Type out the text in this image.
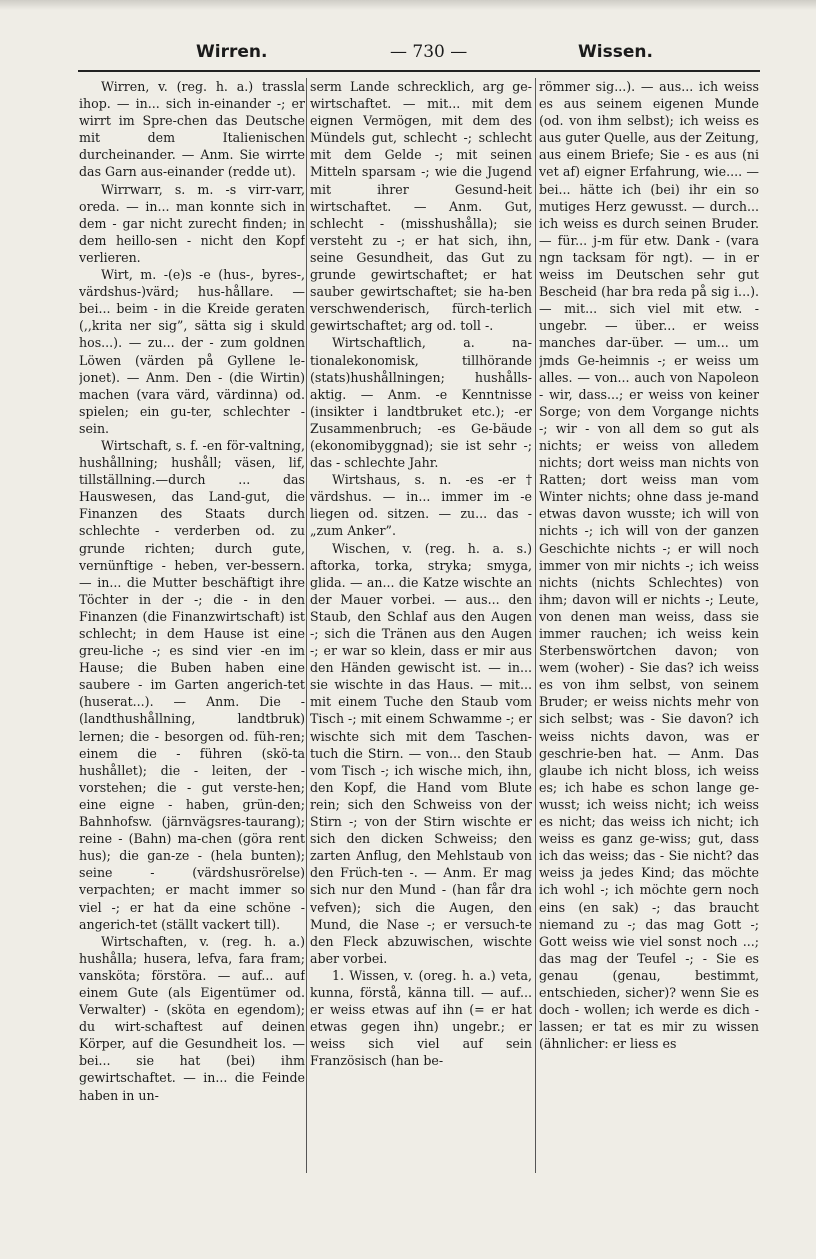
Wirren.	— 730 —	Wissen.

Wirren, v. (reg. h. a.) trassla ihop. — in... sich in-einander -; er wirrt im Spre-chen das Deutsche mit dem Italienischen durcheinander. — Anm. Sie wirrte das Garn aus-einander (redde ut).

Wirrwarr, s. m. -s virr-varr, oreda. — in... man konnte sich in dem - gar nicht zurecht finden; in dem heillo-sen - nicht den Kopf verlieren.

Wirt, m. -(e)s -e (hus-, byres-, värdshus-)värd; hus-hållare. — bei... beim - in die Kreide geraten (,,krita ner sig”, sätta sig i skuld hos...). — zu... der - zum goldnen Löwen (värden på Gyllene le-jonet). — Anm. Den - (die Wirtin) machen (vara värd, värdinna) od. spielen; ein gu-ter, schlechter - sein.

Wirtschaft, s. f. -en för-valtning, hushållning; hushåll; väsen, lif, tillställning.—durch ... das Hauswesen, das Land-gut, die Finanzen des Staats durch schlechte - verderben od. zu grunde richten; durch gute, vernünftige - heben, ver-bessern. — in... die Mutter beschäftigt ihre Töchter in der -; die - in den Finanzen (die Finanzwirtschaft) ist schlecht; in dem Hause ist eine greu-liche -; es sind vier -en im Hause; die Buben haben eine saubere - im Garten angerich-tet (huserat...). — Anm. Die - (landthushållning, landtbruk) lernen; die - besorgen od. füh-ren; einem die - führen (skö-ta hushållet); die - leiten, der - vorstehen; die - gut verste-hen; eine eigne - haben, grün-den; Bahnhofsw. (järnvägsres-taurang); reine - (Bahn) ma-chen (göra rent hus); die gan-ze - (hela bunten); seine - (värdshusrörelse) verpachten; er macht immer so viel -; er hat da eine schöne - angerich-tet (ställt vackert till).

Wirtschaften, v. (reg. h. a.) hushålla; husera, lefva, fara fram; vansköta; förstöra. — auf... auf einem Gute (als Eigentümer od. Verwalter) - (sköta en egendom); du wirt-schaftest auf deinen Körper, auf die Gesundheit los. — bei... sie hat (bei) ihm gewirtschaftet. — in... die Feinde haben in un-

serm Lande schrecklich, arg ge-wirtschaftet. — mit... mit dem eignen Vermögen, mit dem des Mündels gut, schlecht -; schlecht mit dem Gelde -; mit seinen Mitteln sparsam -; wie die Jugend mit ihrer Gesund-heit wirtschaftet. — Anm. Gut, schlecht - (misshushålla); sie versteht zu -; er hat sich, ihn, seine Gesundheit, das Gut zu grunde gewirtschaftet; er hat sauber gewirtschaftet; sie ha-ben verschwenderisch, fürch-terlich gewirtschaftet; arg od. toll -.

Wirtschaftlich, a. na-tionalekonomisk, tillhörande (stats)hushållningen; hushålls-aktig. — Anm. -e Kenntnisse (insikter i landtbruket etc.); -er Zusammenbruch; -es Ge-bäude (ekonomibyggnad); sie ist sehr -; das - schlechte Jahr.

Wirtshaus, s. n. -es -er† värdshus. — in... immer im -e liegen od. sitzen. — zu... das - „zum Anker”.

Wischen, v. (reg. h. a. s.) aftorka, torka, stryka; smyga, glida. — an... die Katze wischte an der Mauer vorbei. — aus... den Staub, den Schlaf aus den Augen -; sich die Tränen aus den Augen -; er war so klein, dass er mir aus den Händen gewischt ist. — in... sie wischte in das Haus. — mit... mit einem Tuche den Staub vom Tisch -; mit einem Schwamme -; er wischte sich mit dem Taschen-tuch die Stirn. — von... den Staub vom Tisch -; ich wische mich, ihn, den Kopf, die Hand vom Blute rein; sich den Schweiss von der Stirn -; von der Stirn wischte er sich den dicken Schweiss; den zarten Anflug, den Mehlstaub von den Früch-ten -. — Anm. Er mag sich nur den Mund - (han får dra vefven); sich die Augen, den Mund, die Nase -; er versuch-te den Fleck abzuwischen, wischte aber vorbei.

1. Wissen, v. (oreg. h. a.) veta, kunna, förstå, känna till. — auf... er weiss etwas auf ihn (= er hat etwas gegen ihn) ungebr.; er weiss sich viel auf sein Französisch (han be-

römmer sig...). — aus... ich weiss es aus seinem eigenen Munde (od. von ihm selbst); ich weiss es aus guter Quelle, aus der Zeitung, aus einem Briefe; Sie - es aus (ni vet af) eigner Erfahrung, wie.... — bei... hätte ich (bei) ihr ein so mutiges Herz gewusst. — durch... ich weiss es durch seinen Bruder. — für... j-m für etw. Dank - (vara ngn tacksam för ngt). — in er weiss im Deutschen sehr gut Bescheid (har bra reda på sig i...). — mit... sich viel mit etw. - ungebr. — über... er weiss manches dar-über. — um... um jmds Ge-heimnis -; er weiss um alles. — von... auch von Napoleon - wir, dass...; er weiss von keiner Sorge; von dem Vorgange nichts -; wir - von all dem so gut als nichts; er weiss von alledem nichts; dort weiss man nichts von Ratten; dort weiss man vom Winter nichts; ohne dass je-mand etwas davon wusste; ich will von nichts -; ich will von der ganzen Geschichte nichts -; er will noch immer von mir nichts -; ich weiss nichts (nichts Schlechtes) von ihm; davon will er nichts -; Leute, von denen man weiss, dass sie immer rauchen; ich weiss kein Sterbenswörtchen davon; von wem (woher) - Sie das? ich weiss es von ihm selbst, von seinem Bruder; er weiss nichts mehr von sich selbst; was - Sie davon? ich weiss nichts davon, was er geschrie-ben hat. — Anm. Das glaube ich nicht bloss, ich weiss es; ich habe es schon lange ge-wusst; ich weiss nicht; ich weiss es nicht; das weiss ich nicht; ich weiss es ganz ge-wiss; gut, dass ich das weiss; das - Sie nicht? das weiss ja jedes Kind; das möchte ich wohl -; ich möchte gern noch eins (en sak) -; das braucht niemand zu -; das mag Gott -; Gott weiss wie viel sonst noch ...; das mag der Teufel -; - Sie es genau (genau, bestimmt, entschieden, sicher)? wenn Sie es doch - wollen; ich werde es dich - lassen; er tat es mir zu wissen (ähnlicher: er liess es
